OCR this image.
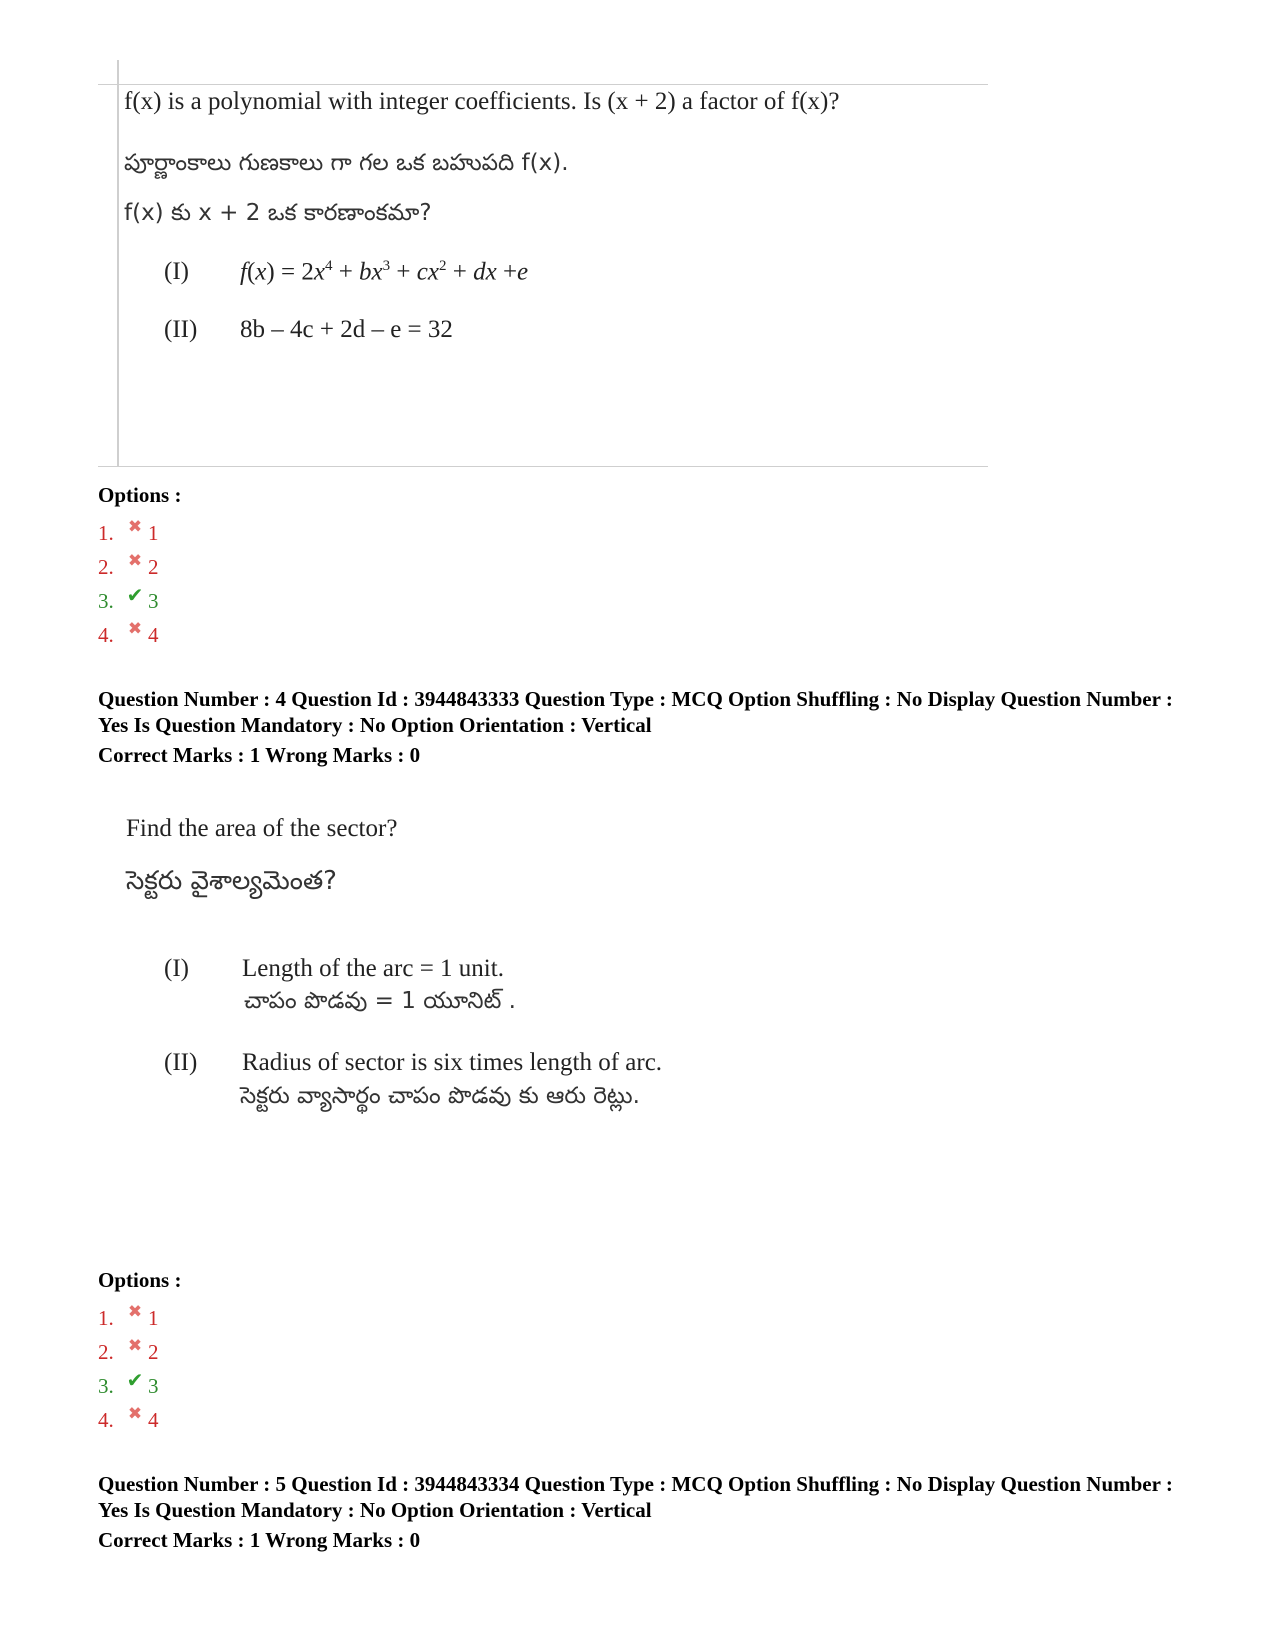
f(x) is a polynomial with integer coefficients. Is (x + 2) a factor of f(x)?
పూర్ణాంకాలు గుణకాలు గా గల ఒక బహుపది f(x).
f(x) కు x + 2 ఒక కారణాంకమా?
(I) $f(x) = 2x^4 + bx^3 + cx^2$ + dx +e
(II) 8b – 4c + 2d – e = 32
Options :
1. ✖ 1
2. ✖ 2
3. ✔ 3
4. ✖ 4
Question Number : 4 Question Id : 3944843333 Question Type : MCQ Option Shuffling : No Display Question Number : Yes Is Question Mandatory : No Option Orientation : Vertical
Correct Marks : 1 Wrong Marks : 0
Find the area of the sector?
సెక్టరు వైశాల్యమెంత?
(I) Length of the arc = 1 unit.
చాపం పొడవు = 1 యూనిట్ .
(II) Radius of sector is six times length of arc.
సెక్టరు వ్యాసార్థం చాపం పొడవు కు ఆరు రెట్లు.
Options :
1. ✖ 1
2. ✖ 2
3. ✔ 3
4. ✖ 4
Question Number : 5 Question Id : 3944843334 Question Type : MCQ Option Shuffling : No Display Question Number : Yes Is Question Mandatory : No Option Orientation : Vertical
Correct Marks : 1 Wrong Marks : 0
